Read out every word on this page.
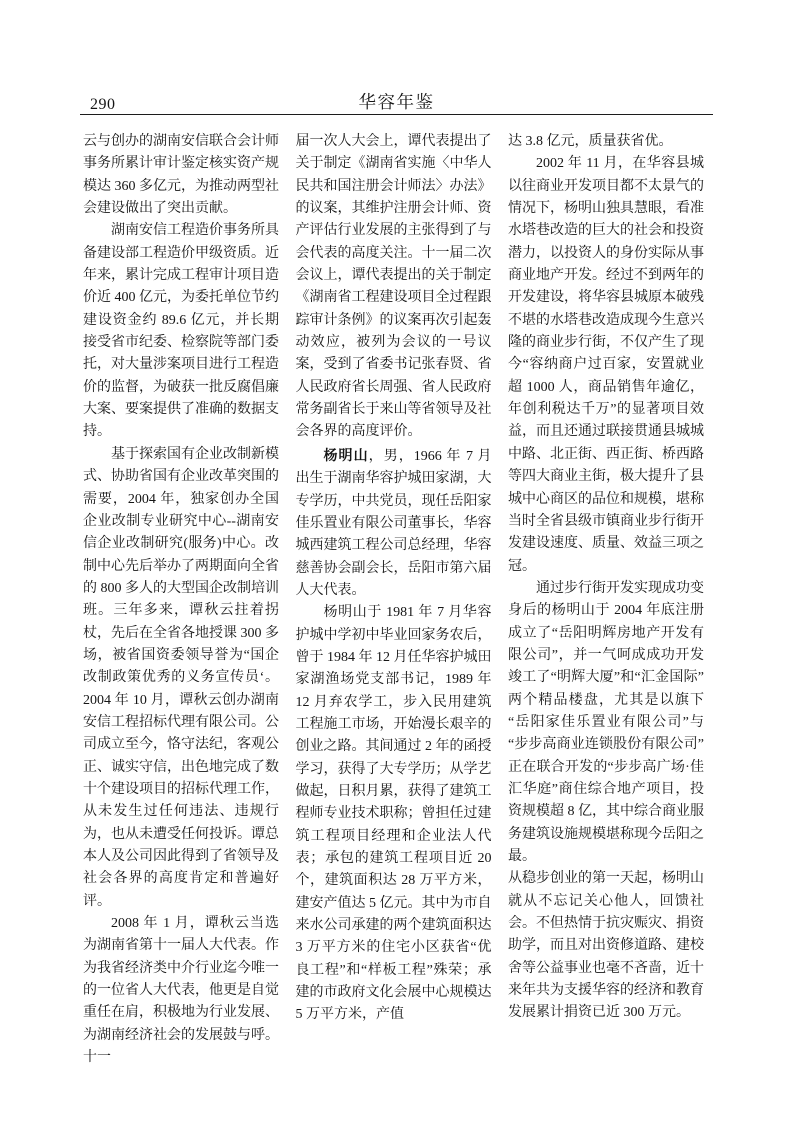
290	华容年鉴

云与创办的湖南安信联合会计师事务所累计审计鉴定核实资产规模达 360 多亿元，为推动两型社会建设做出了突出贡献。

湖南安信工程造价事务所具备建设部工程造价甲级资质。近年来，累计完成工程审计项目造价近 400 亿元，为委托单位节约建设资金约 89.6 亿元，并长期接受省市纪委、检察院等部门委托，对大量涉案项目进行工程造价的监督，为破获一批反腐倡廉大案、要案提供了准确的数据支持。

基于探索国有企业改制新模式、协助省国有企业改革突围的需要，2004 年，独家创办全国企业改制专业研究中心--湖南安信企业改制研究(服务)中心。改制中心先后举办了两期面向全省的 800 多人的大型国企改制培训班。三年多来，谭秋云拄着拐杖，先后在全省各地授课 300 多场，被省国资委领导誉为“国企改制政策优秀的义务宣传员‘。2004 年 10 月，谭秋云创办湖南安信工程招标代理有限公司。公司成立至今，恪守法纪，客观公正、诚实守信，出色地完成了数十个建设项目的招标代理工作，从未发生过任何违法、违规行为，也从未遭受任何投诉。谭总本人及公司因此得到了省领导及社会各界的高度肯定和普遍好评。

2008 年 1 月，谭秋云当选为湖南省第十一届人大代表。作为我省经济类中介行业迄今唯一的一位省人大代表，他更是自觉重任在肩，积极地为行业发展、为湖南经济社会的发展鼓与呼。十一

届一次人大会上，谭代表提出了关于制定《湖南省实施〈中华人民共和国注册会计师法〉办法》的议案，其维护注册会计师、资产评估行业发展的主张得到了与会代表的高度关注。十一届二次会议上，谭代表提出的关于制定《湖南省工程建设项目全过程跟踪审计条例》的议案再次引起轰动效应，被列为会议的一号议案，受到了省委书记张春贤、省人民政府省长周强、省人民政府常务副省长于来山等省领导及社会各界的高度评价。

杨明山，男，1966 年 7 月出生于湖南华容护城田家湖，大专学历，中共党员，现任岳阳家佳乐置业有限公司董事长，华容城西建筑工程公司总经理，华容慈善协会副会长，岳阳市第六届人大代表。

杨明山于 1981 年 7 月华容护城中学初中毕业回家务农后，曾于 1984 年 12 月任华容护城田家湖渔场党支部书记，1989 年 12 月弃农学工，步入民用建筑工程施工市场，开始漫长艰辛的创业之路。其间通过 2 年的函授学习，获得了大专学历；从学艺做起，日积月累，获得了建筑工程师专业技术职称；曾担任过建筑工程项目经理和企业法人代表；承包的建筑工程项目近 20 个，建筑面积达 28 万平方米，建安产值达 5 亿元。其中为市自来水公司承建的两个建筑面积达 3 万平方米的住宅小区获省“优良工程”和“样板工程”殊荣；承建的市政府文化会展中心规模达 5 万平方米，产值

达 3.8 亿元，质量获省优。

2002 年 11 月，在华容县城以往商业开发项目都不太景气的情况下，杨明山独具慧眼，看准水塔巷改造的巨大的社会和投资潜力，以投资人的身份实际从事商业地产开发。经过不到两年的开发建设，将华容县城原本破残不堪的水塔巷改造成现今生意兴隆的商业步行街，不仅产生了现今“容纳商户过百家，安置就业超 1000 人，商品销售年逾亿，年创利税达千万”的显著项目效益，而且还通过联接贯通县城城中路、北正街、西正街、桥西路等四大商业主街，极大提升了县城中心商区的品位和规模，堪称当时全省县级市镇商业步行街开发建设速度、质量、效益三项之冠。

通过步行街开发实现成功变身后的杨明山于 2004 年底注册成立了“岳阳明辉房地产开发有限公司”，并一气呵成成功开发竣工了“明辉大厦”和“汇金国际”两个精品楼盘，尤其是以旗下“岳阳家佳乐置业有限公司”与“步步高商业连锁股份有限公司”正在联合开发的“步步高广场·佳汇华庭”商住综合地产项目，投资规模超 8 亿，其中综合商业服务建筑设施规模堪称现今岳阳之最。

从稳步创业的第一天起，杨明山就从不忘记关心他人，回馈社会。不但热情于抗灾赈灾、捐资助学，而且对出资修道路、建校舍等公益事业也毫不吝啬，近十来年共为支援华容的经济和教育发展累计捐资已近 300 万元。
